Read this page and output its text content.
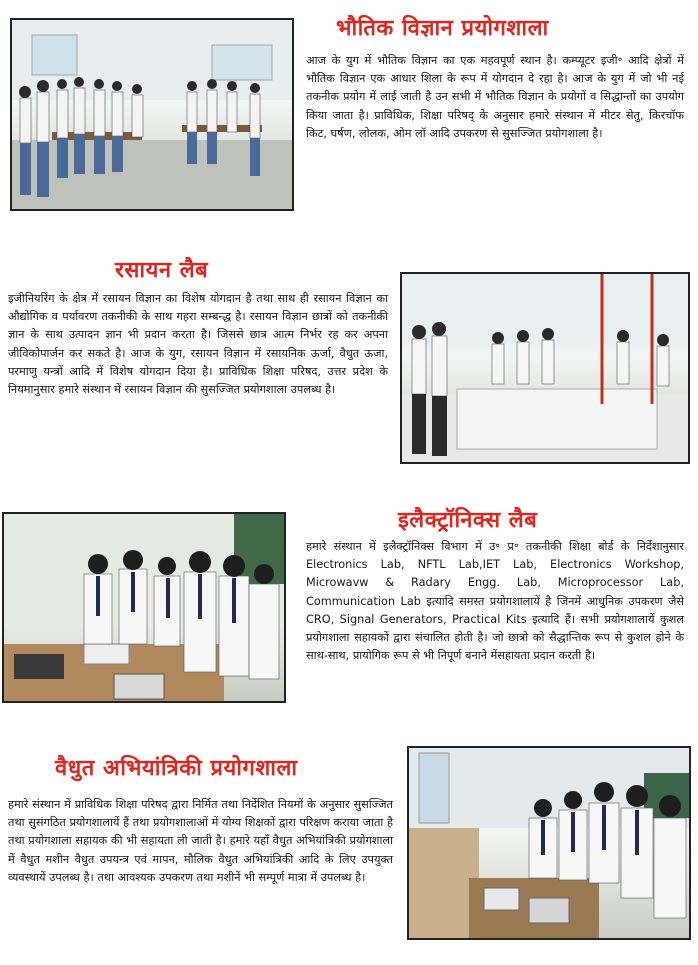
भौतिक विज्ञान प्रयोगशाला

आज के युग में भौतिक विज्ञान का एक महवपूर्ण स्थान है। कम्प्यूटर इजी॰ आदि क्षेत्रों में भौतिक विज्ञान एक आधार शिला के रूप में योगदान दे रहा है। आज के युग में जो भी नई तकनीक प्रयोग में लाई जाती है उन सभी में भौतिक विज्ञान के प्रयोगों व सिद्धान्तों का उपयोग किया जाता है। प्राविधिक, शिक्षा परिषद् के अनुसार हमारे संस्थान में मीटर सेतु, किरचॉफ किट, घर्षण, लोलक, ओम लॉ आदि उपकरण से सुसज्जित प्रयोगशाला है।

रसायन लैब

इजीनियरिंग के क्षेत्र में रसायन विज्ञान का विशेष योगदान है तथा साथ ही रसायन विज्ञान का औद्योगिक व पर्यावरण तकनीकी के साथ गहरा सम्बन्द्ध है। रसायन विज्ञान छात्रों को तकनीकी ज्ञान के साथ उत्पादन ज्ञान भी प्रदान करता है। जिससे छात्र आत्म निर्भर रह कर अपना जीविकोपार्जन कर सकते है। आज के युग, रसायन विज्ञान में रसायनिक ऊर्जा, वैधुत ऊजा, परमाणु यन्त्रों आदि में विशेष योगदान दिया है। प्राविधिक शिक्षा परिषद, उत्तर प्रदेश के नियमानुसार हमारे संस्थान में रसायन विज्ञान की सुसज्जित प्रयोगशाला उपलब्ध है।

इलैक्ट्रॉनिक्स लैब

हमारे संस्थान में इलैक्ट्रॉनिक्स विभाग में उ॰ प्र॰ तकनीकी शिक्षा बोर्ड के निर्देशानुसार Electronics Lab, NFTL Lab,IET Lab, Electronics Workshop, Microwavw & Radary Engg. Lab, Microprocessor Lab, Communication Lab इत्यादि समस्त प्रयोगशालायें है जिनमें आधुनिक उपकरण जैसे CRO, Signal Generators, Practical Kits इत्यादि हैं। सभी प्रयोगशालायें कुशल प्रयोगशाला सहायकों द्वारा संचालित होती है। जो छात्रो को सैद्धान्तिक रूप से कुशल होने के साथ-साथ, प्रायोगिक रूप से भी निपूर्ण बनाने मेंसहायता प्रदान करती है।

वैधुत अभियांत्रिकी प्रयोगशाला

हमारे संस्थान में प्राविधिक शिक्षा परिषद द्वारा निर्मित तथा निर्देशित नियमों के अनुसार सुसज्जित तथा सुसंगठित प्रयोगशालायें हैं तथा प्रयोगशालाओं में योग्य शिक्षकों द्वारा परिक्षण कराया जाता है तथा प्रयोगशाला सहायक की भी सहायता ली जाती है। हमारे यहाँ वैधुत अभियांत्रिकी प्रयोगशाला में वैधुत मशीन वैधुत उपयन्त्र एवं मापन, मौलिक वैधुत अभियांत्रिकी आदि के लिए उपयुक्त व्यवस्थायें उपलब्ध है। तथा आवश्यक उपकरण तथा मशीनें भी सम्पूर्ण मात्रा में उपलब्ध है।
